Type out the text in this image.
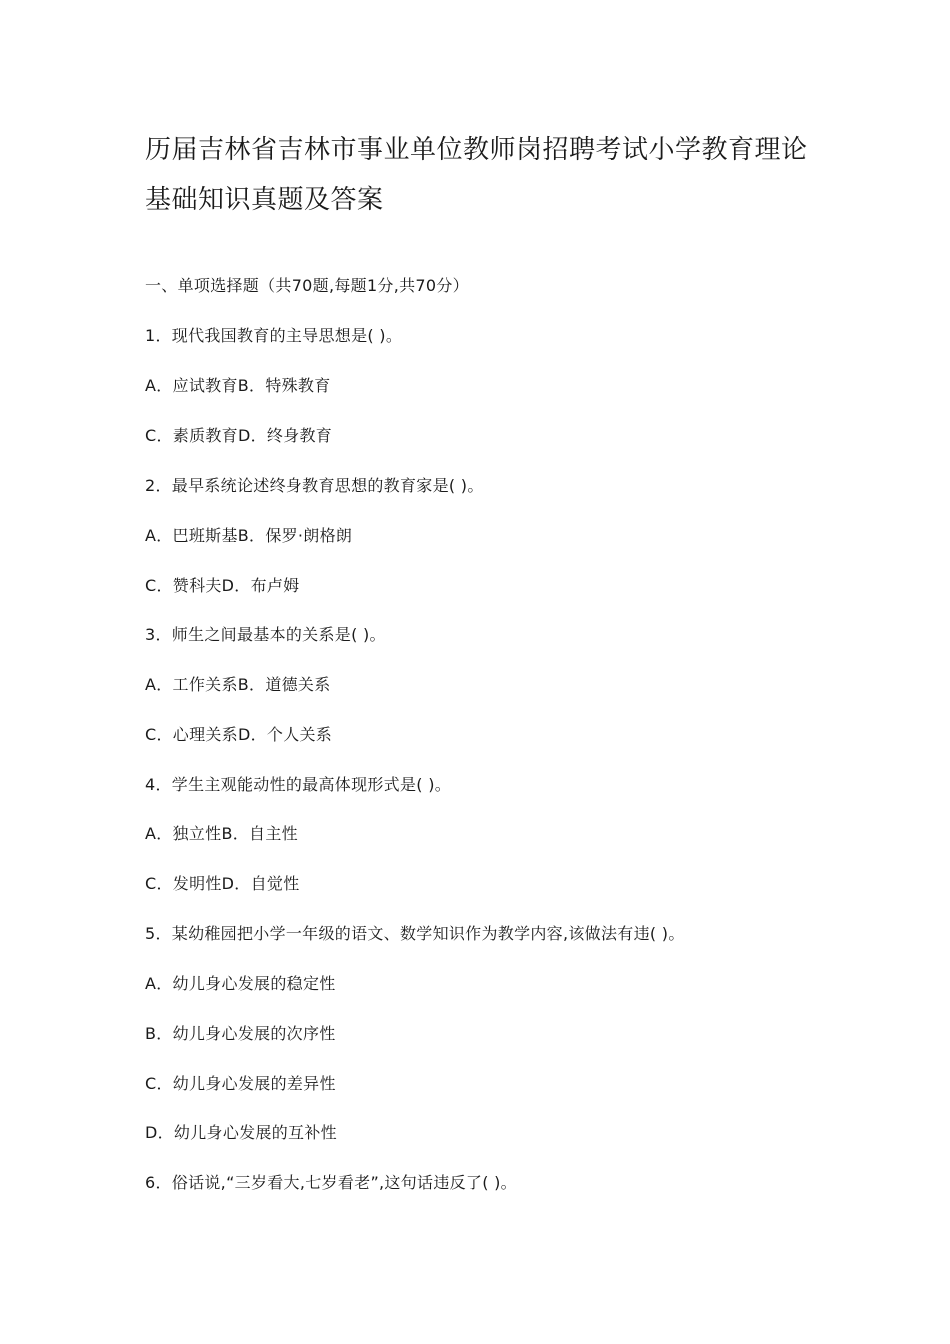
历届吉林省吉林市事业单位教师岗招聘考试小学教育理论
基础知识真题及答案
一、单项选择题（共70题,每题1分,共70分）
1．现代我国教育的主导思想是( )。
A．应试教育B．特殊教育
C．素质教育D．终身教育
2．最早系统论述终身教育思想的教育家是( )。
A．巴班斯基B．保罗·朗格朗
C．赞科夫D．布卢姆
3．师生之间最基本的关系是( )。
A．工作关系B．道德关系
C．心理关系D．个人关系
4．学生主观能动性的最高体现形式是( )。
A．独立性B．自主性
C．发明性D．自觉性
5．某幼稚园把小学一年级的语文、数学知识作为教学内容,该做法有违( )。
A．幼儿身心发展的稳定性
B．幼儿身心发展的次序性
C．幼儿身心发展的差异性
D．幼儿身心发展的互补性
6．俗话说,“三岁看大,七岁看老”,这句话违反了( )。
